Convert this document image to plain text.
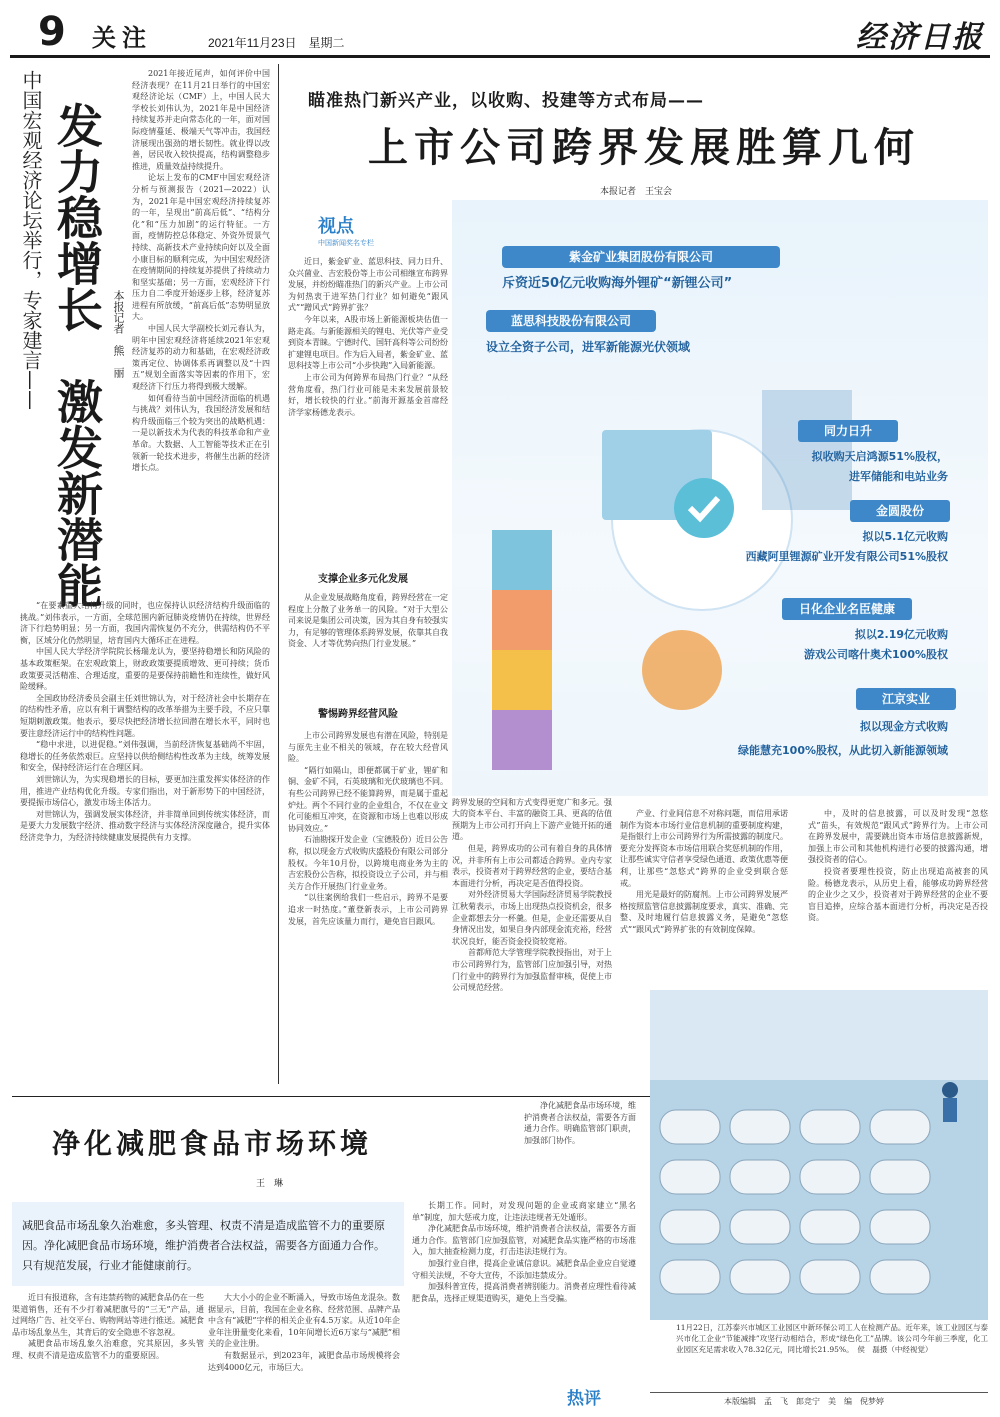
9 关注	2021年11月23日　星期二	经济日报
中国宏观经济论坛举行，专家建言—— 发力稳增长　激发新潜能 本报记者　熊　丽

2021年接近尾声，如何评价中国经济表现？在11月21日举行的中国宏观经济论坛（CMF）上，中国人民大学校长刘伟认为，2021年是中国经济持续复苏并走向常态化的一年，面对国际疫情蔓延、极端天气等冲击，我国经济展现出强劲的增长韧性。就业得以改善，居民收入较快提高，结构调整稳步推进，质量效益持续提升。

论坛上发布的CMF中国宏观经济分析与预测报告（2021—2022）认为，2021年是中国宏观经济持续复苏的一年，呈现出“前高后低”、“结构分化”和“压力加剧”的运行特征。一方面，疫情防控总体稳定、外资外贸景气持续、高新技术产业持续向好以及全面小康目标的顺利完成，为中国宏观经济在疫情期间的持续复苏提供了持续动力和坚实基础；另一方面，宏观经济下行压力自二季度开始逐步上移，经济复苏进程有所放缓，“前高后低”态势明显放大。

中国人民大学副校长刘元春认为，明年中国宏观经济将延续2021年宏观经济复苏的动力和基础，在宏观经济政策再定位、协调体系再调整以及“十四五”规划全面落实等因素的作用下，宏观经济下行压力将得到极大缓解。

如何看待当前中国经济面临的机遇与挑战？刘伟认为，我国经济发展和结构升级面临三个较为突出的战略机遇：一是以新技术为代表的科技革命和产业革命。大数据、人工智能等技术正在引领新一轮技术进步，将催生出新的经济增长点。

“在要素重大结构升级的同时，也应保持认识经济结构升级面临的挑战。”刘伟表示，一方面，全球范围内新冠肺炎疫情仍在持续，世界经济下行趋势明显；另一方面，我国内需恢复仍不充分，供需结构仍不平衡，区域分化仍然明显，培育国内大循环正在进程。

中国人民大学经济学院院长杨瑞龙认为，要坚持稳增长和防风险的基本政策框架。在宏观政策上，财政政策要提质增效、更可持续；货币政策要灵活精准、合理适度，重要的是要保持前瞻性和连续性，做好风险缓释。

全国政协经济委员会副主任刘世锦认为，对于经济社会中长期存在的结构性矛盾，应以有利于调整结构的改革举措为主要手段，不应只靠短期刺激政策。他表示，要尽快把经济增长拉回潜在增长水平，同时也要注意经济运行中的结构性问题。

“稳中求进，以进促稳。”刘伟强调，当前经济恢复基础尚不牢固，稳增长的任务依然艰巨。应坚持以供给侧结构性改革为主线，统筹发展和安全，保持经济运行在合理区间。

刘世锦认为，为实现稳增长的目标，要更加注重发挥实体经济的作用，推进产业结构优化升级。专家们指出，对于新形势下的中国经济，要提振市场信心，激发市场主体活力。

对世锦认为，强调发展实体经济，并非简单回到传统实体经济，而是要大力发展数字经济、推动数字经济与实体经济深度融合，提升实体经济竞争力，为经济持续健康发展提供有力支撑。

瞄准热门新兴产业，以收购、投建等方式布局——
上市公司跨界发展胜算几何
本报记者　王宝会
视点
中国新闻奖名专栏

近日，紫金矿业、蓝思科技、同力日升、众兴菌业、吉宏股份等上市公司相继宣布跨界发展，并纷纷瞄准热门的新兴产业。上市公司为何热衷于进军热门行业？如何避免“跟风式”“蹭风式”跨界扩张？

今年以来，A股市场上新能源板块估值一路走高。与新能源相关的锂电、光伏等产业受到资本青睐。宁德时代、国轩高科等公司纷纷扩建锂电项目。作为后入局者，紫金矿业、蓝思科技等上市公司“小步快跑”入局新能源。

上市公司为何跨界布局热门行业？“从经营角度看，热门行业可能是未来发展前景较好，增长较快的行业。”前海开源基金首席经济学家杨德龙表示。

支撑企业多元化发展

从企业发展战略角度看，跨界经营在一定程度上分散了业务单一的风险。“对于大型公司来说是集团公司决策，因为其自身有较强实力，有足够的管理体系跨界发展，依靠其自我资金、人才等优势向热门行业发展。”

警惕跨界经营风险

上市公司跨界发展也有潜在风险，特别是与原先主业不相关的领域，存在较大经营风险。

“隔行如隔山，即便都属于矿业，锂矿和铜、金矿不同，石英玻璃和光伏玻璃也不同。有些公司跨界已经不能算跨界，而是属于重起炉灶。两个不同行业的企业组合，不仅在业文化可能相互冲突，在资源和市场上也难以形成协同效应。”

石油勘探开发企业（宝德股份）近日公告称，拟以现金方式收购庆盛股份有限公司部分股权。今年10月份，以跨境电商业务为主的吉宏股份公告称，拟投资设立子公司，并与相关方合作开展热门行业业务。

“以往案例给我们一些启示，跨界不是要追求一时热度。”董登新表示，上市公司跨界发展，首先应该量力而行，避免盲目跟风。

跨界发展的空间和方式变得更宽广和多元。强大的资本平台、丰富的融资工具、更高的估值预期为上市公司打开向上下游产业链开拓的通道。

但是，跨界成功的公司有着自身的具体情况，并非所有上市公司都适合跨界。业内专家表示，投资者对于跨界经营的企业，要结合基本面进行分析，再决定是否值得投资。

对外经济贸易大学国际经济贸易学院教授江秋菊表示，市场上出现热点投资机会，很多企业都想去分一杯羹。但是，企业还需要从自身情况出发，如果自身内部现金流充裕，经营状况良好，能否资金投资较宽裕。

首都师范大学管理学院教授指出，对于上市公司跨界行为，监管部门应加强引导，对热门行业中的跨界行为加强监督审核，促使上市公司规范经营。

产业、行业间信息不对称问题，而信用承诺制作为资本市场行业信息机制的重要制度构建，是指银行上市公司跨界行为所需披露的制度尺。要充分发挥资本市场信用联合奖惩机制的作用，让那些诚实守信者享受绿色通道、政策优惠等便利，让那些“忽悠式”跨界的企业受到联合惩戒。

用光是最好的防腐剂。上市公司跨界发展严格按照监管信息披露制度要求，真实、准确、完整、及时地履行信息披露义务，是避免“忽悠式”“跟风式”跨界扩张的有效制度保障。

中，及时的信息披露，可以及时发现“忽悠式”苗头，有效规范“跟风式”跨界行为。上市公司在跨界发展中，需要跳出资本市场信息披露新规，加强上市公司和其他机构进行必要的披露沟通，增强投资者的信心。

投资者要理性投资，防止出现追高被套的风险。杨德龙表示，从历史上看，能够成功跨界经营的企业少之又少，投资者对于跨界经营的企业不要盲目追捧，应综合基本面进行分析，再决定是否投资。

紫金矿业集团股份有限公司
斥资近50亿元收购海外锂矿“新锂公司”
蓝思科技股份有限公司
设立全资子公司，进军新能源光伏领域
同力日升
拟收购天启鸿源51%股权，
进军储能和电站业务
金圆股份
拟以5.1亿元收购
西藏阿里锂源矿业开发有限公司51%股权
日化企业名臣健康
拟以2.19亿元收购
游戏公司喀什奥术100%股权
江京实业
拟以现金方式收购
绿能慧充100%股权，从此切入新能源领域
净化减肥食品市场环境
王　琳
减肥食品市场乱象久治难愈，多头管理、权责不清是造成监管不力的重要原因。净化减肥食品市场环境，维护消费者合法权益，需要各方面通力合作。只有规范发展，行业才能健康前行。

近日有报道称，含有违禁药物的减肥食品仍在一些渠道销售，还有不少打着减肥旗号的“三无”产品，通过网络广告、社交平台、购物网站等进行推送。减肥食品市场乱象丛生，其背后的安全隐患不容忽视。

减肥食品市场乱象久治难愈，究其原因，多头管理、权责不清是造成监管不力的重要原因。

大大小小的企业不断涌入，导致市场鱼龙混杂。数据显示，目前，我国在企业名称、经营范围、品牌产品中含有“减肥”字样的相关企业有4.5万家。从近10年企业年注册量变化来看，10年间增长近6万家与“减肥”相关的企业注册。

有数据显示，到2023年，减肥食品市场规模将会达到4000亿元，市场巨大。

长期工作。同时，对发现问题的企业或商家建立“黑名单”制度，加大惩戒力度，让违法违规者无处遁形。

净化减肥食品市场环境，维护消费者合法权益，需要各方面通力合作。监管部门应加强监管，对减肥食品实施严格的市场准入，加大抽查检测力度，打击违法违规行为。

加强行业自律，提高企业诚信意识。减肥食品企业应自觉遵守相关法规，不夸大宣传，不添加违禁成分。

加强科普宣传，提高消费者辨别能力。消费者应理性看待减肥食品，选择正规渠道购买，避免上当受骗。

净化减肥食品市场环境，维护消费者合法权益，需要各方面通力合作。明确监管部门职责，加强部门协作。

热评
11月22日，江苏泰兴市城区工业园区中新环保公司工人在检测产品。近年来，该工业园区与泰兴市化工企业“节能减排”攻坚行动相结合，形成“绿色化工”品牌。该公司今年前三季度，化工业园区充足需求收入78.32亿元，同比增长21.95%。　侯　磊摄（中经视觉）
本版编辑　孟　飞　郎竞宁　美　编　倪梦婷
